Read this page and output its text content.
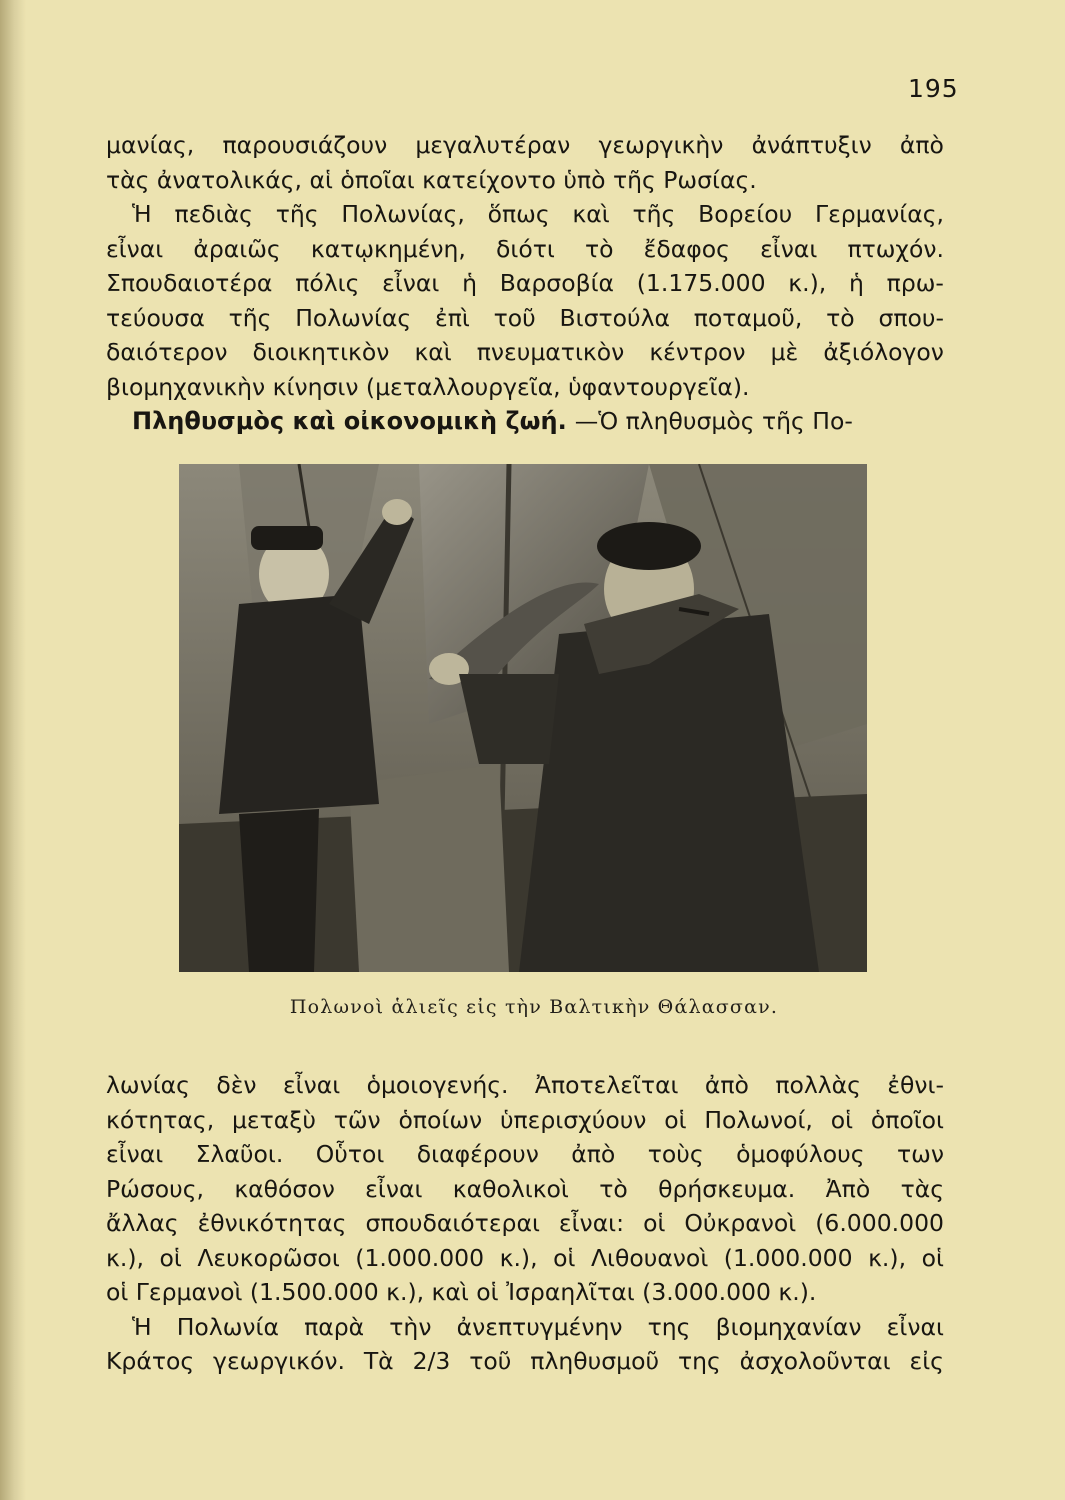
195
μανίας, παρουσιάζουν μεγαλυτέραν γεωργικὴν ἀνάπτυξιν ἀπὸ
τὰς ἀνατολικάς, αἱ ὁποῖαι κατείχοντο ὑπὸ τῆς Ρωσίας.
Ἡ πεδιὰς τῆς Πολωνίας, ὅπως καὶ τῆς Βορείου Γερμανίας,
εἶναι ἀραιῶς κατῳκημένη, διότι τὸ ἔδαφος εἶναι πτωχόν.
Σπουδαιοτέρα πόλις εἶναι ἡ Βαρσοβία (1.175.000 κ.), ἡ πρω-
τεύουσα τῆς Πολωνίας ἐπὶ τοῦ Βιστούλα ποταμοῦ, τὸ σπου-
δαιότερον διοικητικὸν καὶ πνευματικὸν κέντρον μὲ ἀξιόλογον
βιομηχανικὴν κίνησιν (μεταλλουργεῖα, ὑφαντουργεῖα).
Πληθυσμὸς καὶ οἰκονομικὴ ζωή. —Ὁ πληθυσμὸς τῆς Πο-
Πολωνοὶ ἁλιεῖς εἰς τὴν Βαλτικὴν Θάλασσαν.
λωνίας δὲν εἶναι ὁμοιογενής. Ἀποτελεῖται ἀπὸ πολλὰς ἐθνι-
κότητας, μεταξὺ τῶν ὁποίων ὑπερισχύουν οἱ Πολωνοί, οἱ ὁποῖοι
εἶναι Σλαῦοι. Οὗτοι διαφέρουν ἀπὸ τοὺς ὁμοφύλους των
Ρώσους, καθόσον εἶναι καθολικοὶ τὸ θρήσκευμα. Ἀπὸ τὰς
ἄλλας ἐθνικότητας σπουδαιότεραι εἶναι: οἱ Οὐκρανοὶ (6.000.000
κ.), οἱ Λευκορῶσοι (1.000.000 κ.), οἱ Λιθουανοὶ (1.000.000 κ.), οἱ
οἱ Γερμανοὶ (1.500.000 κ.), καὶ οἱ Ἰσραηλῖται (3.000.000 κ.).
Ἡ Πολωνία παρὰ τὴν ἀνεπτυγμένην της βιομηχανίαν εἶναι
Κράτος γεωργικόν. Τὰ 2/3 τοῦ πληθυσμοῦ της ἀσχολοῦνται εἰς
